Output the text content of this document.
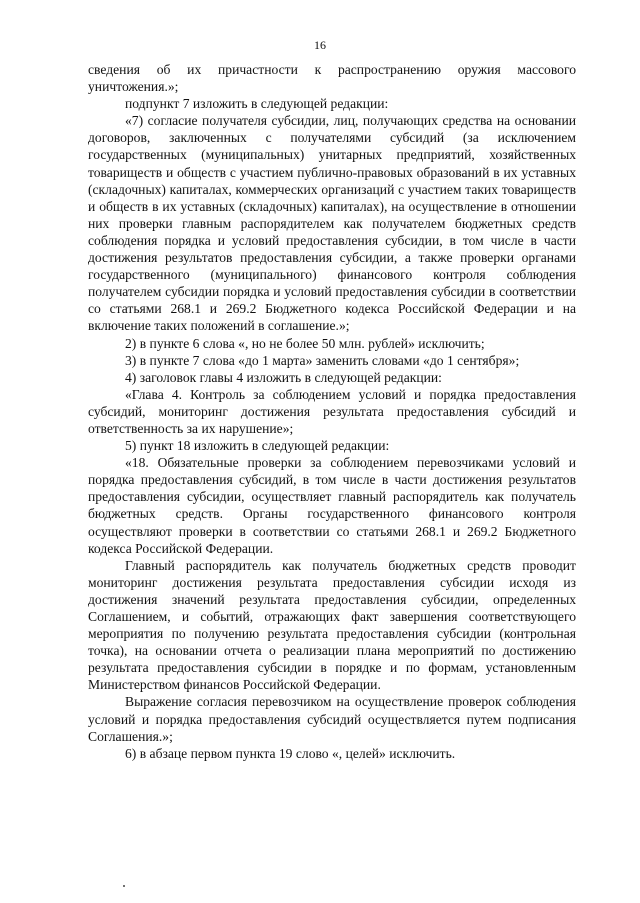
16

сведения об их причастности к распространению оружия массового уничтожения.»;

подпункт 7 изложить в следующей редакции:

«7) согласие получателя субсидии, лиц, получающих средства на основании договоров, заключенных с получателями субсидий (за исключением государственных (муниципальных) унитарных предприятий, хозяйственных товариществ и обществ с участием публично-правовых образований в их уставных (складочных) капиталах, коммерческих организаций с участием таких товариществ и обществ в их уставных (складочных) капиталах), на осуществление в отношении них проверки главным распорядителем как получателем бюджетных средств соблюдения порядка и условий предоставления субсидии, в том числе в части достижения результатов предоставления субсидии, а также проверки органами государственного (муниципального) финансового контроля соблюдения получателем субсидии порядка и условий предоставления субсидии в соответствии со статьями 268.1 и 269.2 Бюджетного кодекса Российской Федерации и на включение таких положений в соглашение.»;

2) в пункте 6 слова «, но не более 50 млн. рублей» исключить;

3) в пункте 7 слова «до 1 марта» заменить словами «до 1 сентября»;

4) заголовок главы 4 изложить в следующей редакции:

«Глава 4. Контроль за соблюдением условий и порядка предоставления субсидий, мониторинг достижения результата предоставления субсидий и ответственность за их нарушение»;

5) пункт 18 изложить в следующей редакции:

«18. Обязательные проверки за соблюдением перевозчиками условий и порядка предоставления субсидий, в том числе в части достижения результатов предоставления субсидии, осуществляет главный распорядитель как получатель бюджетных средств. Органы государственного финансового контроля осуществляют проверки в соответствии со статьями 268.1 и 269.2 Бюджетного кодекса Российской Федерации.

Главный распорядитель как получатель бюджетных средств проводит мониторинг достижения результата предоставления субсидии исходя из достижения значений результата предоставления субсидии, определенных Соглашением, и событий, отражающих факт завершения соответствующего мероприятия по получению результата предоставления субсидии (контрольная точка), на основании отчета о реализации плана мероприятий по достижению результата предоставления субсидии в порядке и по формам, установленным Министерством финансов Российской Федерации.

Выражение согласия перевозчиком на осуществление проверок соблюдения условий и порядка предоставления субсидий осуществляется путем подписания Соглашения.»;

6) в абзаце первом пункта 19 слово «, целей» исключить.
